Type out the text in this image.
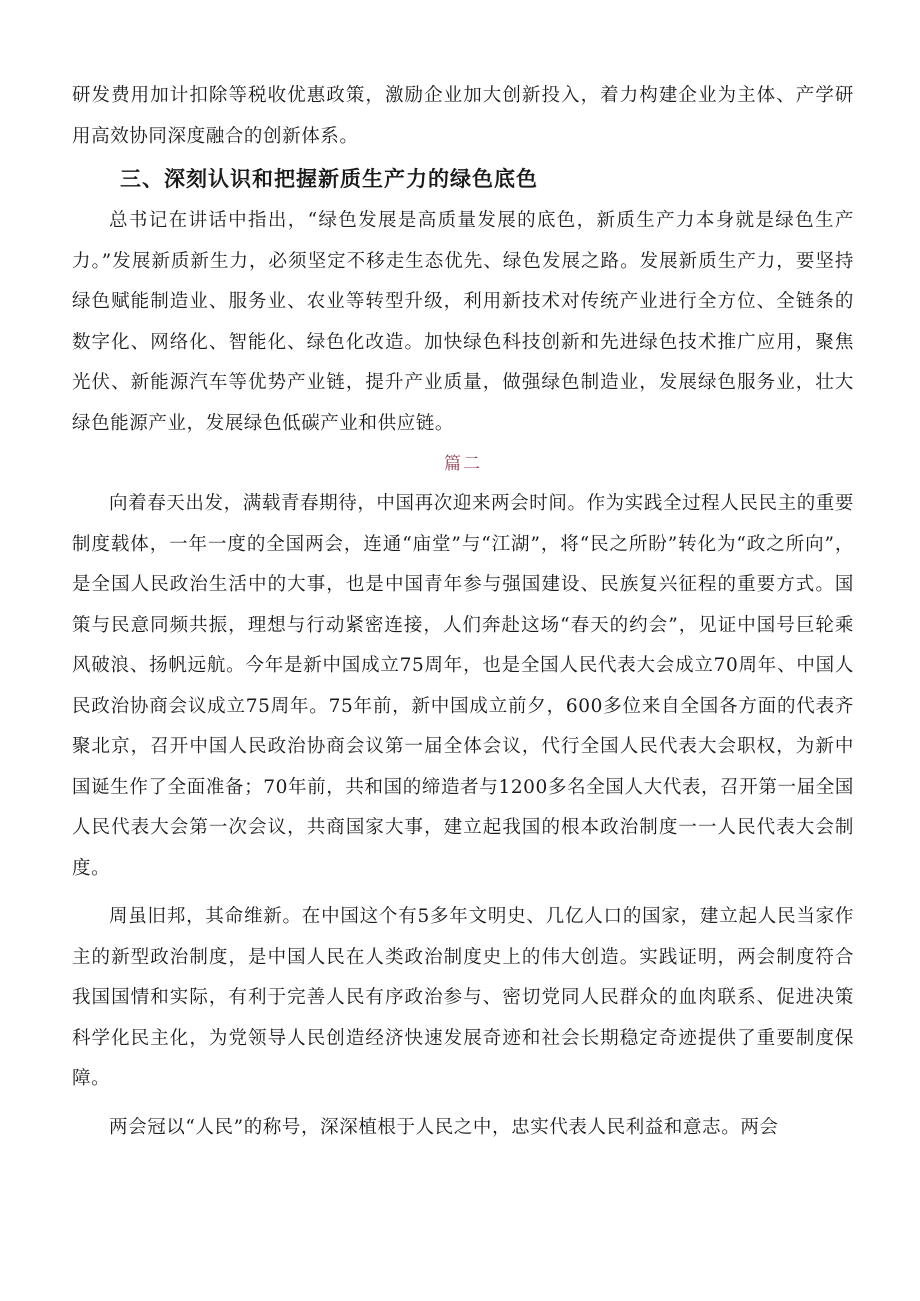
研发费用加计扣除等税收优惠政策，激励企业加大创新投入，着力构建企业为主体、产学研用高效协同深度融合的创新体系。

三、深刻认识和把握新质生产力的绿色底色

总书记在讲话中指出，“绿色发展是高质量发展的底色，新质生产力本身就是绿色生产力。”发展新质新生力，必须坚定不移走生态优先、绿色发展之路。发展新质生产力，要坚持绿色赋能制造业、服务业、农业等转型升级，利用新技术对传统产业进行全方位、全链条的数字化、网络化、智能化、绿色化改造。加快绿色科技创新和先进绿色技术推广应用，聚焦光伏、新能源汽车等优势产业链，提升产业质量，做强绿色制造业，发展绿色服务业，壮大绿色能源产业，发展绿色低碳产业和供应链。

篇二

向着春天出发，满载青春期待，中国再次迎来两会时间。作为实践全过程人民民主的重要制度载体，一年一度的全国两会，连通“庙堂”与“江湖”，将“民之所盼”转化为“政之所向”，是全国人民政治生活中的大事，也是中国青年参与强国建设、民族复兴征程的重要方式。国策与民意同频共振，理想与行动紧密连接，人们奔赴这场“春天的约会”，见证中国号巨轮乘风破浪、扬帆远航。今年是新中国成立75周年，也是全国人民代表大会成立70周年、中国人民政治协商会议成立75周年。75年前，新中国成立前夕，600多位来自全国各方面的代表齐聚北京，召开中国人民政治协商会议第一届全体会议，代行全国人民代表大会职权，为新中国诞生作了全面准备；70年前，共和国的缔造者与1200多名全国人大代表，召开第一届全国人民代表大会第一次会议，共商国家大事，建立起我国的根本政治制度一一人民代表大会制度。

周虽旧邦，其命维新。在中国这个有5多年文明史、几亿人口的国家，建立起人民当家作主的新型政治制度，是中国人民在人类政治制度史上的伟大创造。实践证明，两会制度符合我国国情和实际，有利于完善人民有序政治参与、密切党同人民群众的血肉联系、促进决策科学化民主化，为党领导人民创造经济快速发展奇迹和社会长期稳定奇迹提供了重要制度保障。

两会冠以“人民”的称号，深深植根于人民之中，忠实代表人民利益和意志。两会
